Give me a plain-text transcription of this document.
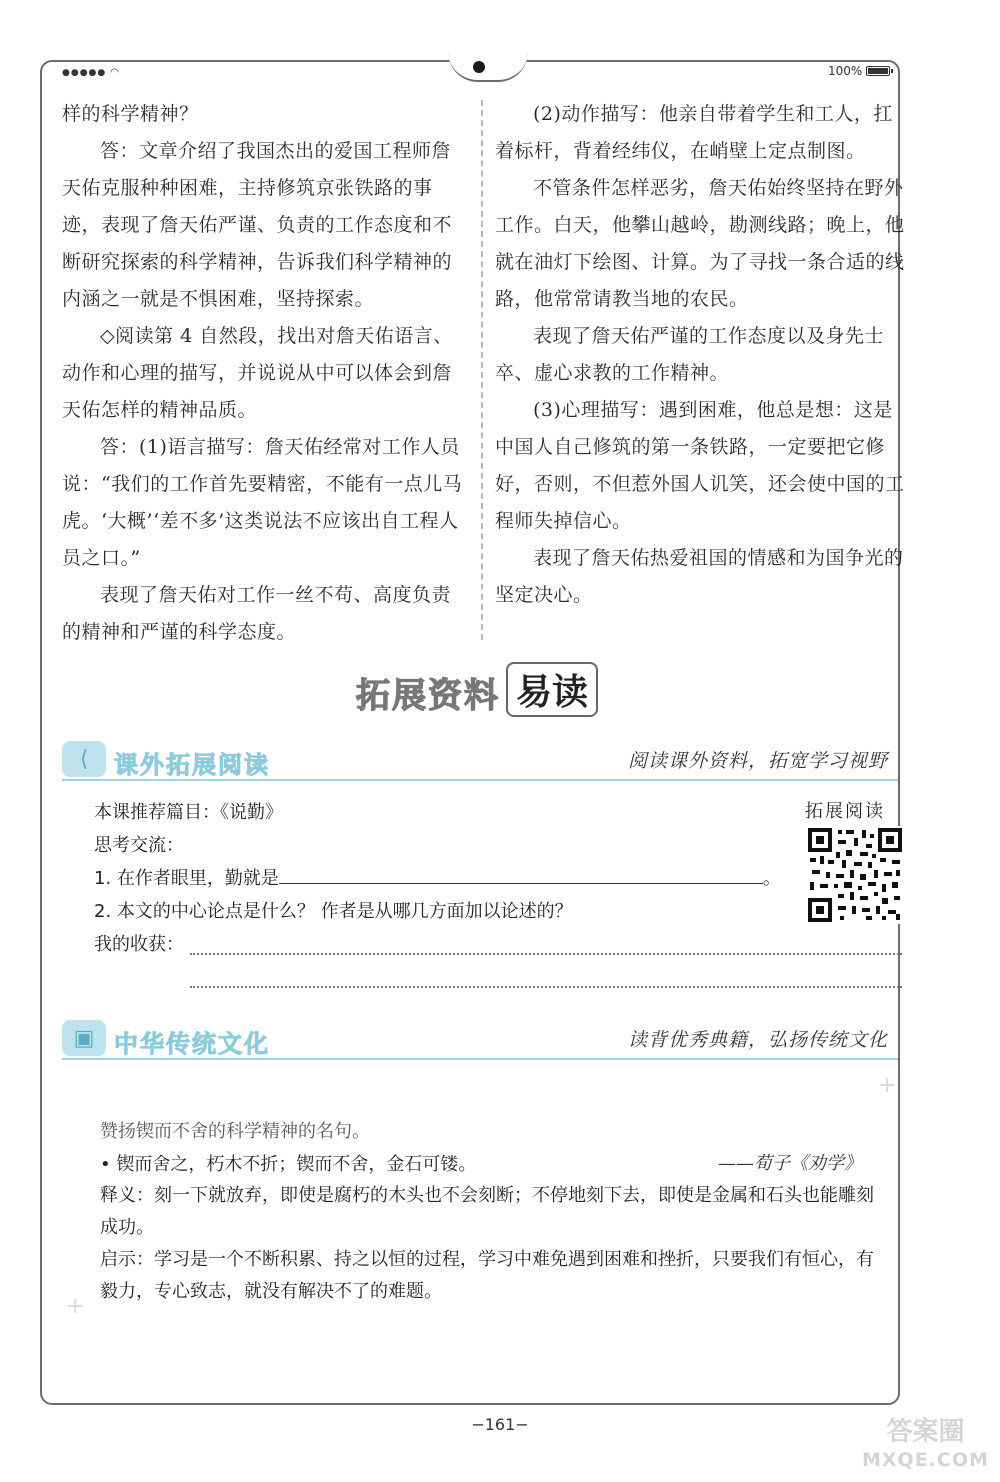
●●●●● ◠	100%

样的科学精神？

答：文章介绍了我国杰出的爱国工程师詹天佑克服种种困难，主持修筑京张铁路的事迹，表现了詹天佑严谨、负责的工作态度和不断研究探索的科学精神，告诉我们科学精神的内涵之一就是不惧困难，坚持探索。

◇阅读第 4 自然段，找出对詹天佑语言、动作和心理的描写，并说说从中可以体会到詹天佑怎样的精神品质。

答：(1)语言描写：詹天佑经常对工作人员说：“我们的工作首先要精密，不能有一点儿马虎。‘大概’‘差不多’这类说法不应该出自工程人员之口。”

表现了詹天佑对工作一丝不苟、高度负责的精神和严谨的科学态度。

(2)动作描写：他亲自带着学生和工人，扛着标杆，背着经纬仪，在峭壁上定点制图。

不管条件怎样恶劣，詹天佑始终坚持在野外工作。白天，他攀山越岭，勘测线路；晚上，他就在油灯下绘图、计算。为了寻找一条合适的线路，他常常请教当地的农民。

表现了詹天佑严谨的工作态度以及身先士卒、虚心求教的工作精神。

(3)心理描写：遇到困难，他总是想：这是中国人自己修筑的第一条铁路，一定要把它修好，否则，不但惹外国人讥笑，还会使中国的工程师失掉信心。

表现了詹天佑热爱祖国的情感和为国争光的坚定决心。

拓展资料 易读
⟨	课外拓展阅读	阅读课外资料，拓宽学习视野
本课推荐篇目：《说勤》
思考交流：
1. 在作者眼里，勤就是	。
2. 本文的中心论点是什么？ 作者是从哪几方面加以论述的？
我的收获：
拓展阅读
▣ 中华传统文化	读背优秀典籍，弘扬传统文化
+
+
赞扬锲而不舍的科学精神的名句。
• 锲而舍之，朽木不折；锲而不舍，金石可镂。	——荀子《劝学》

释义：刻一下就放弃，即使是腐朽的木头也不会刻断；不停地刻下去，即使是金属和石头也能雕刻成功。

启示：学习是一个不断积累、持之以恒的过程，学习中难免遇到困难和挫折，只要我们有恒心，有毅力，专心致志，就没有解决不了的难题。

−161−	答案圈
MXQE.COM
